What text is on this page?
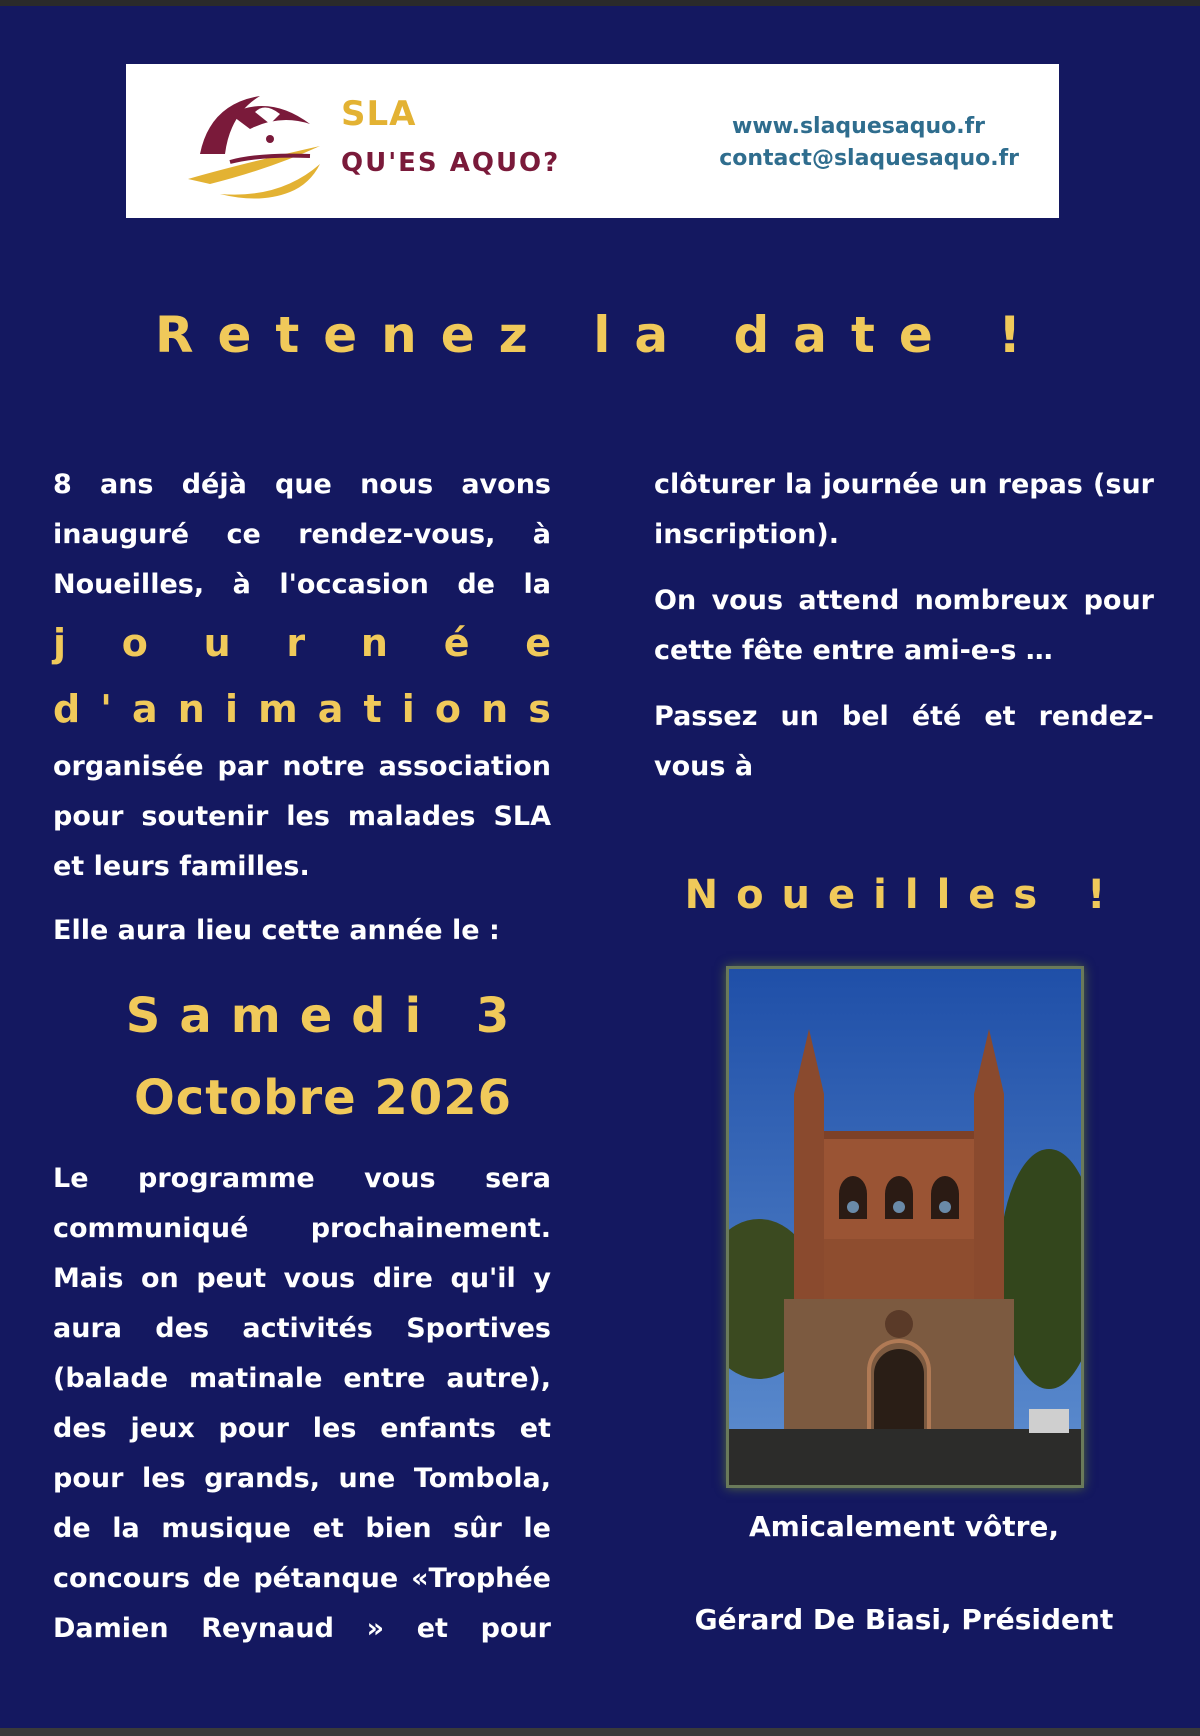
SLA
QU'ES AQUO?
www.slaquesaquo.fr
contact@slaquesaquo.fr
Retenez la date !

8 ans déjà que nous avons inauguré ce rendez-vous, à Noueilles, à l'occasion de la

j o u r n é e
d ' a n i m a t i o n s

organisée par notre association pour soutenir les malades SLA et leurs familles.

Elle aura lieu cette année le :

Samedi 3
Octobre 2026

Le programme vous sera communiqué prochainement. Mais on peut vous dire qu'il y aura des activités Sportives (balade matinale entre autre), des jeux pour les enfants et pour les grands, une Tombola, de la musique et bien sûr le concours de pétanque «Trophée Damien Reynaud » et pour

clôturer la journée un repas (sur inscription).

On vous attend nombreux pour cette fête entre ami-e-s …

Passez un bel été et rendez-vous à

Noueilles !
Amicalement vôtre,
Gérard De Biasi, Président
